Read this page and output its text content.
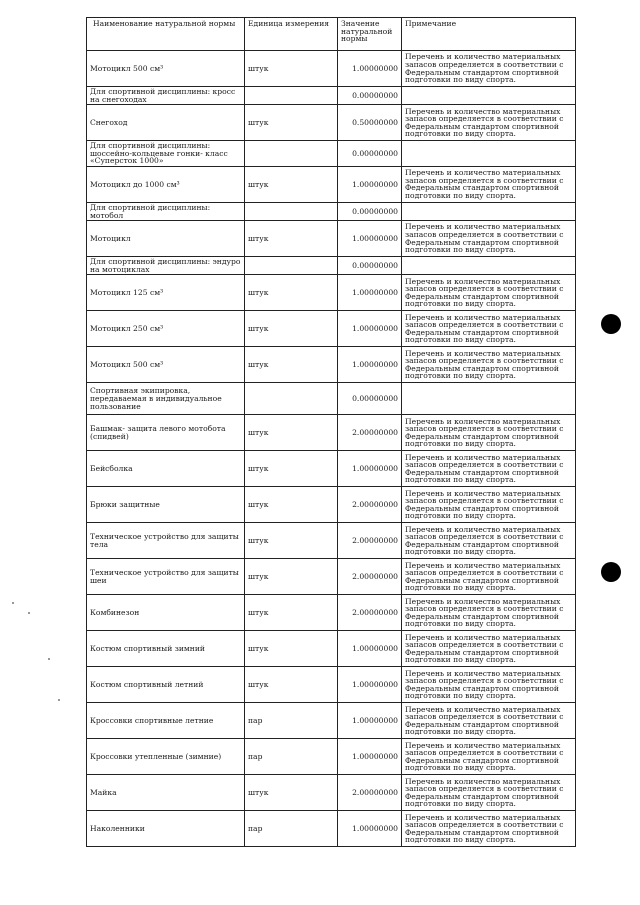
Наименование натуральной нормы	Единица измерения	Значение натуральной нормы	Примечание
Мотоцикл 500 см³	штук	1.00000000	Перечень и количество материальных запасов определяется в соответствии с Федеральным стандартом спортивной подготовки по виду спорта.
Для спортивной дисциплины: кросс на снегоходах		0.00000000	
Снегоход	штук	0.50000000	Перечень и количество материальных запасов определяется в соответствии с Федеральным стандартом спортивной подготовки по виду спорта.
Для спортивной дисциплины: шоссейно-кольцевые гонки- класс «Суперсток 1000»		0.00000000	
Мотоцикл до 1000 см³	штук	1.00000000	Перечень и количество материальных запасов определяется в соответствии с Федеральным стандартом спортивной подготовки по виду спорта.
Для спортивной дисциплины: мотобол		0.00000000	
Мотоцикл	штук	1.00000000	Перечень и количество материальных запасов определяется в соответствии с Федеральным стандартом спортивной подготовки по виду спорта.
Для спортивной дисциплины: эндуро на мотоциклах		0.00000000	
Мотоцикл 125 см³	штук	1.00000000	Перечень и количество материальных запасов определяется в соответствии с Федеральным стандартом спортивной подготовки по виду спорта.
Мотоцикл 250 см³	штук	1.00000000	Перечень и количество материальных запасов определяется в соответствии с Федеральным стандартом спортивной подготовки по виду спорта.
Мотоцикл 500 см³	штук	1.00000000	Перечень и количество материальных запасов определяется в соответствии с Федеральным стандартом спортивной подготовки по виду спорта.
Спортивная экипировка, передаваемая в индивидуальное пользование		0.00000000	
Башмак- защита левого мотобота (спидвей)	штук	2.00000000	Перечень и количество материальных запасов определяется в соответствии с Федеральным стандартом спортивной подготовки по виду спорта.
Бейсболка	штук	1.00000000	Перечень и количество материальных запасов определяется в соответствии с Федеральным стандартом спортивной подготовки по виду спорта.
Брюки защитные	штук	2.00000000	Перечень и количество материальных запасов определяется в соответствии с Федеральным стандартом спортивной подготовки по виду спорта.
Техническое устройство для защиты тела	штук	2.00000000	Перечень и количество материальных запасов определяется в соответствии с Федеральным стандартом спортивной подготовки по виду спорта.
Техническое устройство для защиты шеи	штук	2.00000000	Перечень и количество материальных запасов определяется в соответствии с Федеральным стандартом спортивной подготовки по виду спорта.
Комбинезон	штук	2.00000000	Перечень и количество материальных запасов определяется в соответствии с Федеральным стандартом спортивной подготовки по виду спорта.
Костюм спортивный зимний	штук	1.00000000	Перечень и количество материальных запасов определяется в соответствии с Федеральным стандартом спортивной подготовки по виду спорта.
Костюм спортивный летний	штук	1.00000000	Перечень и количество материальных запасов определяется в соответствии с Федеральным стандартом спортивной подготовки по виду спорта.
Кроссовки спортивные летние	пар	1.00000000	Перечень и количество материальных запасов определяется в соответствии с Федеральным стандартом спортивной подготовки по виду спорта.
Кроссовки утепленные (зимние)	пар	1.00000000	Перечень и количество материальных запасов определяется в соответствии с Федеральным стандартом спортивной подготовки по виду спорта.
Майка	штук	2.00000000	Перечень и количество материальных запасов определяется в соответствии с Федеральным стандартом спортивной подготовки по виду спорта.
Наколенники	пар	1.00000000	Перечень и количество материальных запасов определяется в соответствии с Федеральным стандартом спортивной подготовки по виду спорта.
